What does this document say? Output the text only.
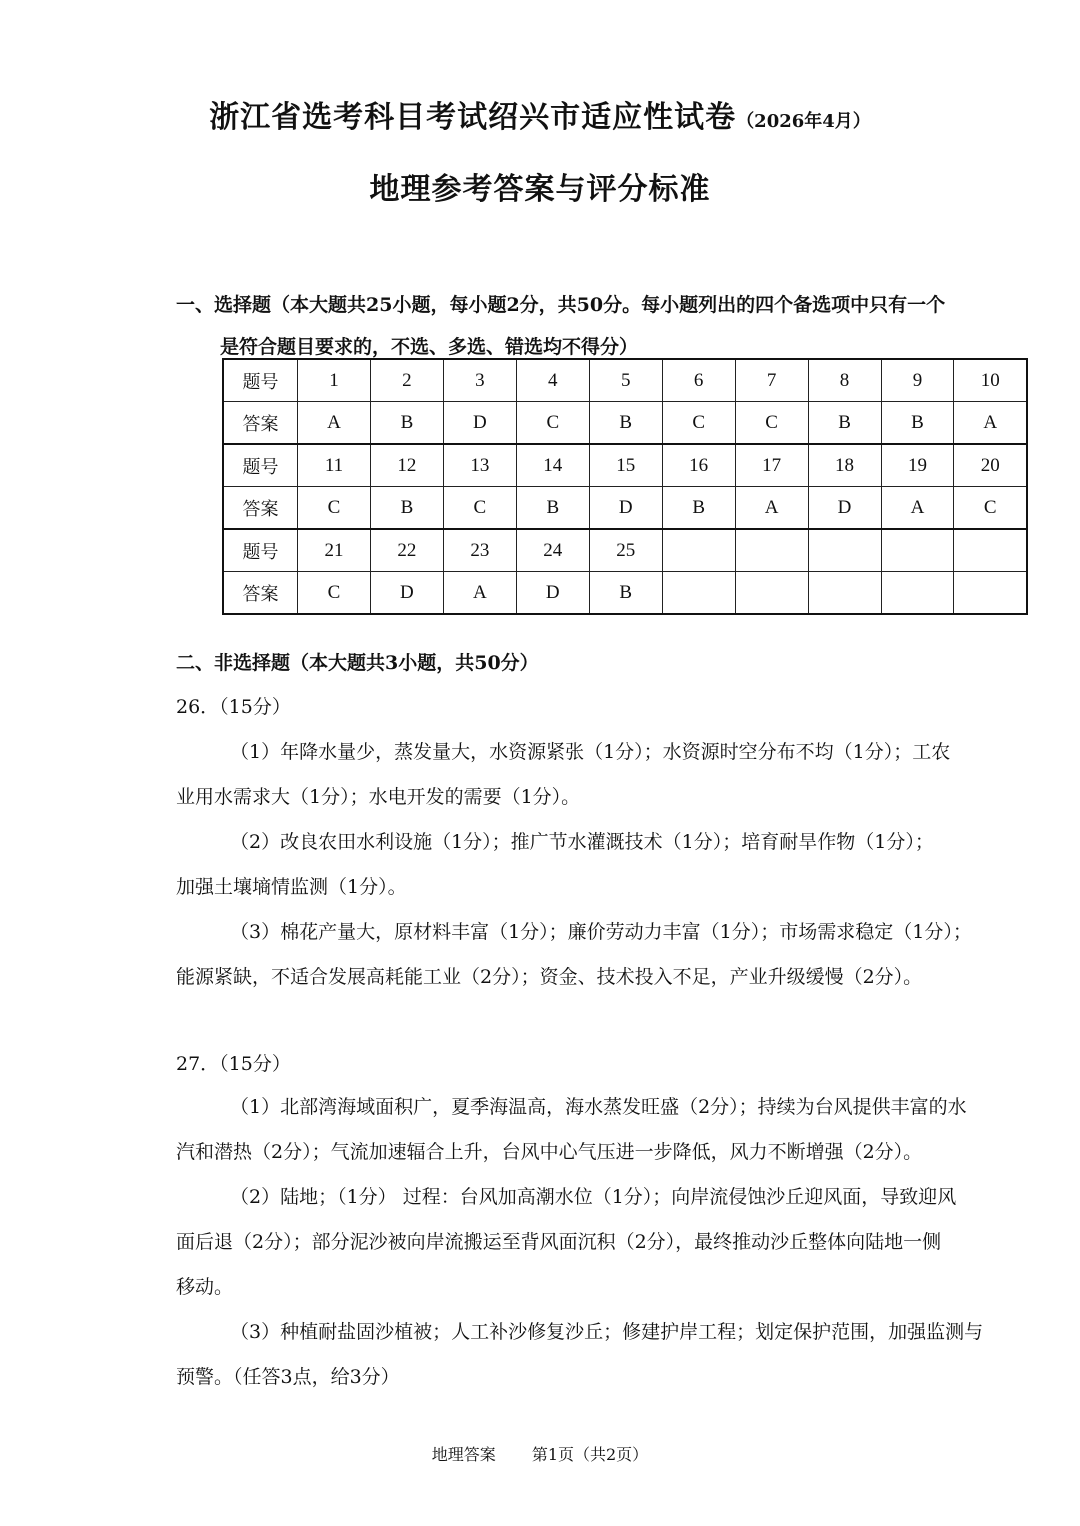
浙江省选考科目考试绍兴市适应性试卷（2026年4月）
地理参考答案与评分标准
一、选择题（本大题共25小题，每小题2分，共50分。每小题列出的四个备选项中只有一个
是符合题目要求的，不选、多选、错选均不得分）
题号	1	2	3	4	5	6	7	8	9	10
答案	A	B	D	C	B	C	C	B	B	A
题号	11	12	13	14	15	16	17	18	19	20
答案	C	B	C	B	D	B	A	D	A	C
题号	21	22	23	24	25					
答案	C	D	A	D	B					
二、非选择题（本大题共3小题，共50分）
26．（15分）
（1）年降水量少，蒸发量大，水资源紧张（1分）；水资源时空分布不均（1分）；工农
业用水需求大（1分）；水电开发的需要（1分）。
（2）改良农田水利设施（1分）；推广节水灌溉技术（1分）；培育耐旱作物（1分）；
加强土壤墒情监测（1分）。
（3）棉花产量大，原材料丰富（1分）；廉价劳动力丰富（1分）；市场需求稳定（1分）；
能源紧缺，不适合发展高耗能工业（2分）；资金、技术投入不足，产业升级缓慢（2分）。
27．（15分）
（1）北部湾海域面积广，夏季海温高，海水蒸发旺盛（2分）；持续为台风提供丰富的水
汽和潜热（2分）；气流加速辐合上升，台风中心气压进一步降低，风力不断增强（2分）。
（2）陆地；（1分） 过程：台风加高潮水位（1分）；向岸流侵蚀沙丘迎风面，导致迎风
面后退（2分）；部分泥沙被向岸流搬运至背风面沉积（2分），最终推动沙丘整体向陆地一侧
移动。
（3）种植耐盐固沙植被；人工补沙修复沙丘；修建护岸工程；划定保护范围，加强监测与
预警。（任答3点，给3分）
地理答案 第1页（共2页）
